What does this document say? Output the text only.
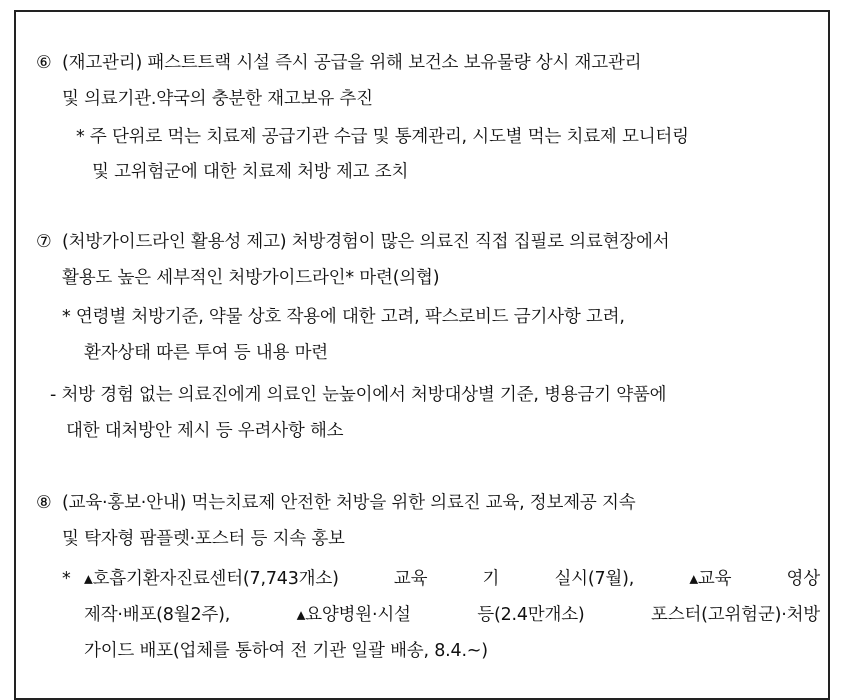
⑥ (재고관리) 패스트트랙 시설 즉시 공급을 위해 보건소 보유물량 상시 재고관리
및 의료기관.약국의 충분한 재고보유 추진
* 주 단위로 먹는 치료제 공급기관 수급 및 통계관리, 시도별 먹는 치료제 모니터링
및 고위험군에 대한 치료제 처방 제고 조치
⑦ (처방가이드라인 활용성 제고) 처방경험이 많은 의료진 직접 집필로 의료현장에서
활용도 높은 세부적인 처방가이드라인* 마련(의협)
* 연령별 처방기준, 약물 상호 작용에 대한 고려, 팍스로비드 금기사항 고려,
환자상태 따른 투여 등 내용 마련
- 처방 경험 없는 의료진에게 의료인 눈높이에서 처방대상별 기준, 병용금기 약품에
대한 대처방안 제시 등 우려사항 해소
⑧ (교육·홍보·안내) 먹는치료제 안전한 처방을 위한 의료진 교육, 정보제공 지속
및 탁자형 팜플렛·포스터 등 지속 홍보
* ▴호흡기환자진료센터(7,743개소)	교육	기	실시(7월),	▴교육	영상
제작·배포(8월2주),	▴요양병원·시설	등(2.4만개소)	포스터(고위험군)·처방
가이드 배포(업체를 통하여 전 기관 일괄 배송, 8.4.~)
